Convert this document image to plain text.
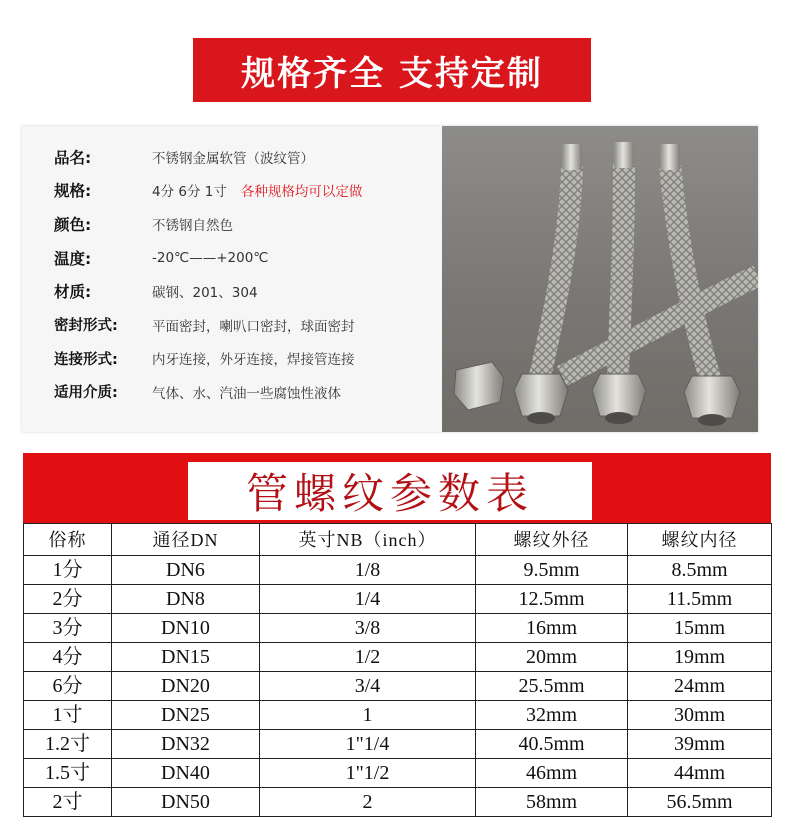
规格齐全 支持定制
品名:	不锈钢金属软管（波纹管）
规格:	4分 6分 1寸 各种规格均可以定做
颜色:	不锈钢自然色
温度:	-20℃——+200℃
材质:	碳钢、201、304
密封形式:	平面密封，喇叭口密封，球面密封
连接形式:	内牙连接，外牙连接，焊接管连接
适用介质:	气体、水、汽油一些腐蚀性液体
管螺纹参数表
俗称	通径DN	英寸NB（inch）	螺纹外径	螺纹内径
1分	DN6	1/8	9.5mm	8.5mm
2分	DN8	1/4	12.5mm	11.5mm
3分	DN10	3/8	16mm	15mm
4分	DN15	1/2	20mm	19mm
6分	DN20	3/4	25.5mm	24mm
1寸	DN25	1	32mm	30mm
1.2寸	DN32	1"1/4	40.5mm	39mm
1.5寸	DN40	1"1/2	46mm	44mm
2寸	DN50	2	58mm	56.5mm
